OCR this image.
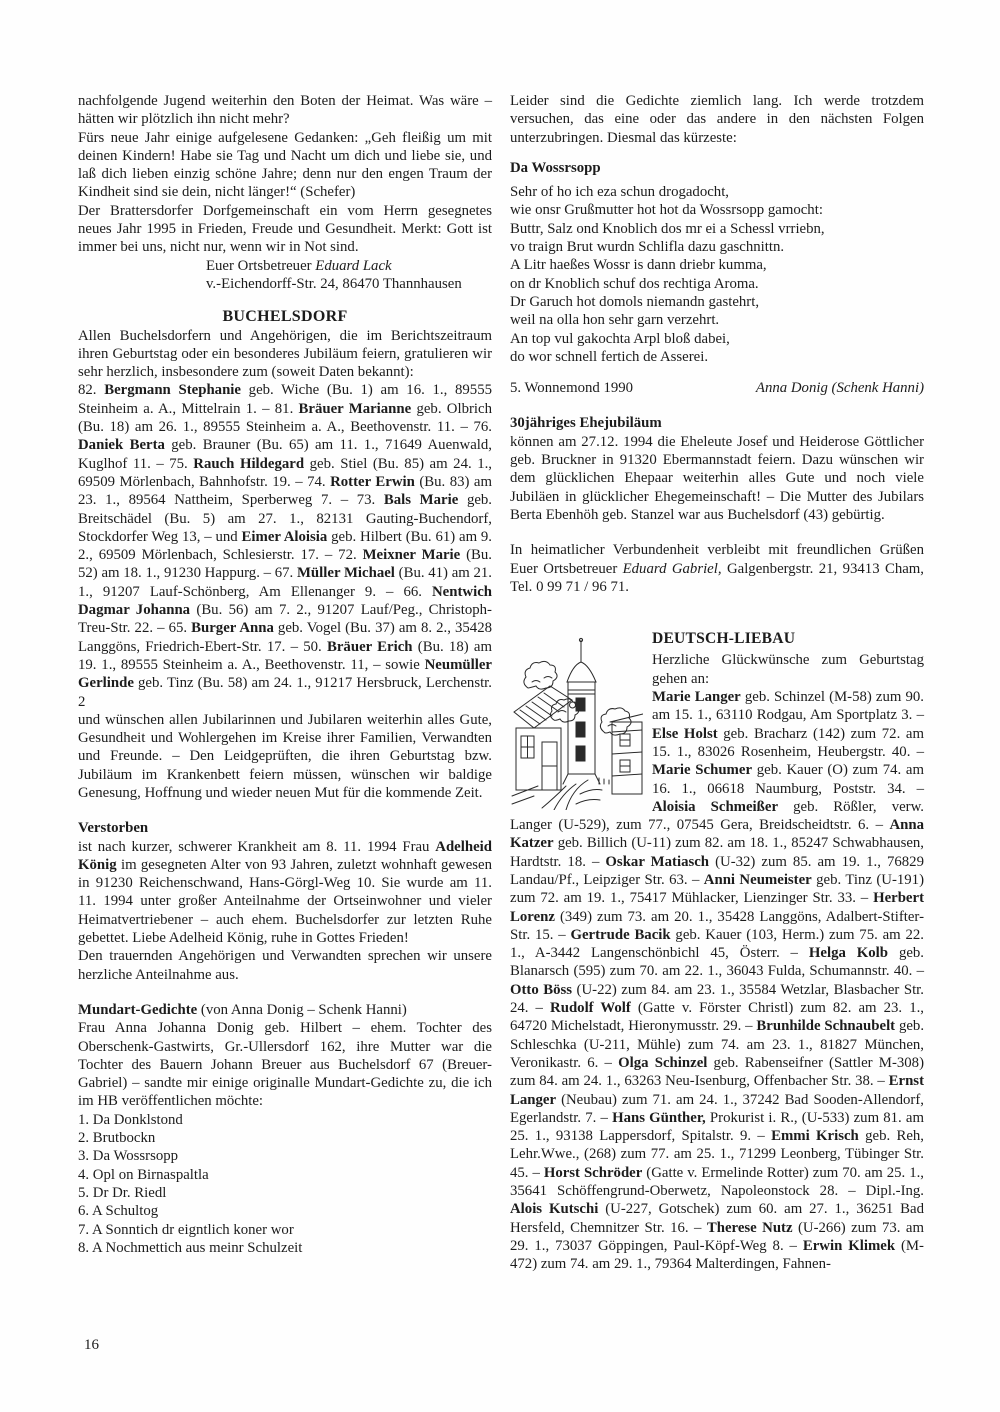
nachfolgende Jugend weiterhin den Boten der Heimat. Was wäre – hätten wir plötzlich ihn nicht mehr?

Fürs neue Jahr einige aufgelesene Gedanken: „Geh fleißig um mit deinen Kindern! Habe sie Tag und Nacht um dich und liebe sie, und laß dich lieben einzig schöne Jahre; denn nur den engen Traum der Kindheit sind sie dein, nicht länger!“ (Schefer)

Der Brattersdorfer Dorfgemeinschaft ein vom Herrn gesegnetes neues Jahr 1995 in Frieden, Freude und Gesundheit. Merkt: Gott ist immer bei uns, nicht nur, wenn wir in Not sind.

Euer Ortsbetreuer Eduard Lack

v.-Eichendorff-Str. 24, 86470 Thannhausen

BUCHELSDORF

Allen Buchelsdorfern und Angehörigen, die im Berichtszeitraum ihren Geburtstag oder ein besonderes Jubiläum feiern, gratulieren wir sehr herzlich, insbesondere zum (soweit Daten bekannt):

82. Bergmann Stephanie geb. Wiche (Bu. 1) am 16. 1., 89555 Steinheim a. A., Mittelrain 1. – 81. Bräuer Marianne geb. Olbrich (Bu. 18) am 26. 1., 89555 Steinheim a. A., Beethovenstr. 11. – 76. Daniek Berta geb. Brauner (Bu. 65) am 11. 1., 71649 Auenwald, Kuglhof 11. – 75. Rauch Hildegard geb. Stiel (Bu. 85) am 24. 1., 69509 Mörlenbach, Bahnhofstr. 19. – 74. Rotter Erwin (Bu. 83) am 23. 1., 89564 Nattheim, Sperberweg 7. – 73. Bals Marie geb. Breitschädel (Bu. 5) am 27. 1., 82131 Gauting-Buchendorf, Stockdorfer Weg 13, – und Eimer Aloisia geb. Hilbert (Bu. 61) am 9. 2., 69509 Mörlenbach, Schlesierstr. 17. – 72. Meixner Marie (Bu. 52) am 18. 1., 91230 Happurg. – 67. Müller Michael (Bu. 41) am 21. 1., 91207 Lauf-Schönberg, Am Ellenanger 9. – 66. Nentwich Dagmar Johanna (Bu. 56) am 7. 2., 91207 Lauf/Peg., Christoph-Treu-Str. 22. – 65. Burger Anna geb. Vogel (Bu. 37) am 8. 2., 35428 Langgöns, Friedrich-Ebert-Str. 17. – 50. Bräuer Erich (Bu. 18) am 19. 1., 89555 Steinheim a. A., Beethovenstr. 11, – sowie Neumüller Gerlinde geb. Tinz (Bu. 58) am 24. 1., 91217 Hersbruck, Lerchenstr. 2

und wünschen allen Jubilarinnen und Jubilaren weiterhin alles Gute, Gesundheit und Wohlergehen im Kreise ihrer Familien, Verwandten und Freunde. – Den Leidgeprüften, die ihren Geburtstag bzw. Jubiläum im Krankenbett feiern müssen, wünschen wir baldige Genesung, Hoffnung und wieder neuen Mut für die kommende Zeit.

Verstorben

ist nach kurzer, schwerer Krankheit am 8. 11. 1994 Frau Adelheid König im gesegneten Alter von 93 Jahren, zuletzt wohnhaft gewesen in 91230 Reichenschwand, Hans-Görgl-Weg 10. Sie wurde am 11. 11. 1994 unter großer Anteilnahme der Ortseinwohner und vieler Heimatvertriebener – auch ehem. Buchelsdorfer zur letzten Ruhe gebettet. Liebe Adelheid König, ruhe in Gottes Frieden!

Den trauernden Angehörigen und Verwandten sprechen wir unsere herzliche Anteilnahme aus.

Mundart-Gedichte (von Anna Donig – Schenk Hanni)

Frau Anna Johanna Donig geb. Hilbert – ehem. Tochter des Oberschenk-Gastwirts, Gr.-Ullersdorf 162, ihre Mutter war die Tochter des Bauern Johann Breuer aus Buchelsdorf 67 (Breuer-Gabriel) – sandte mir einige originalle Mundart-Gedichte zu, die ich im HB veröffentlichen möchte:

1. Da Donklstond
2. Brutbockn
3. Da Wossrsopp
4. Opl on Birnaspaltla
5. Dr Dr. Riedl
6. A Schultog
7. A Sonntich dr eigntlich koner wor
8. A Nochmettich aus meinr Schulzeit

Leider sind die Gedichte ziemlich lang. Ich werde trotzdem versuchen, das eine oder das andere in den nächsten Folgen unterzubringen. Diesmal das kürzeste:

Da Wossrsopp

Sehr of ho ich eza schun drogadocht,
wie onsr Grußmutter hot hot da Wossrsopp gamocht:
Buttr, Salz ond Knoblich dos mr ei a Schessl vrriebn,
vo traign Brut wurdn Schlifla dazu gaschnittn.
A Litr haeßes Wossr is dann driebr kumma,
on dr Knoblich schuf dos rechtiga Aroma.
Dr Garuch hot domols niemandn gastehrt,
weil na olla hon sehr garn verzehrt.
An top vul gakochta Arpl bloß dabei,
do wor schnell fertich de Asserei.
5. Wonnemond 1990	Anna Donig (Schenk Hanni)

30jähriges Ehejubiläum

können am 27.12. 1994 die Eheleute Josef und Heiderose Göttlicher geb. Bruckner in 91320 Ebermannstadt feiern. Dazu wünschen wir dem glücklichen Ehepaar weiterhin alles Gute und noch viele Jubiläen in glücklicher Ehegemeinschaft! – Die Mutter des Jubilars Berta Ebenhöh geb. Stanzel war aus Buchelsdorf (43) gebürtig.

In heimatlicher Verbundenheit verbleibt mit freundlichen Grüßen Euer Ortsbetreuer Eduard Gabriel, Galgenbergstr. 21, 93413 Cham, Tel. 0 99 71 / 96 71.

DEUTSCH-LIEBAU

Herzliche Glückwünsche zum Geburtstag gehen an:

Marie Langer geb. Schinzel (M-58) zum 90. am 15. 1., 63110 Rodgau, Am Sportplatz 3. – Else Holst geb. Bracharz (142) zum 72. am 15. 1., 83026 Rosenheim, Heubergstr. 40. – Marie Schumer geb. Kauer (O) zum 74. am 16. 1., 06618 Naumburg, Poststr. 34. – Aloisia Schmeißer geb. Rößler, verw. Langer (U-529), zum 77., 07545 Gera, Breidscheidtstr. 6. – Anna Katzer geb. Billich (U-11) zum 82. am 18. 1., 85247 Schwabhausen, Hardtstr. 18. – Oskar Matiasch (U-32) zum 85. am 19. 1., 76829 Landau/Pf., Leipziger Str. 63. – Anni Neumeister geb. Tinz (U-191) zum 72. am 19. 1., 75417 Mühlacker, Lienzinger Str. 33. – Herbert Lorenz (349) zum 73. am 20. 1., 35428 Langgöns, Adalbert-Stifter-Str. 15. – Gertrude Bacik geb. Kauer (103, Herm.) zum 75. am 22. 1., A-3442 Langenschönbichl 45, Österr. – Helga Kolb geb. Blanarsch (595) zum 70. am 22. 1., 36043 Fulda, Schumannstr. 40. – Otto Böss (U-22) zum 84. am 23. 1., 35584 Wetzlar, Blasbacher Str. 24. – Rudolf Wolf (Gatte v. Förster Christl) zum 82. am 23. 1., 64720 Michelstadt, Hieronymusstr. 29. – Brunhilde Schnaubelt geb. Schleschka (U-211, Mühle) zum 74. am 23. 1., 81827 München, Veronikastr. 6. – Olga Schinzel geb. Rabenseifner (Sattler M-308) zum 84. am 24. 1., 63263 Neu-Isenburg, Offenbacher Str. 38. – Ernst Langer (Neubau) zum 71. am 24. 1., 37242 Bad Sooden-Allendorf, Egerlandstr. 7. – Hans Günther, Prokurist i. R., (U-533) zum 81. am 25. 1., 93138 Lappersdorf, Spitalstr. 9. – Emmi Krisch geb. Reh, Lehr.Wwe., (268) zum 77. am 25. 1., 71299 Leonberg, Tübinger Str. 45. – Horst Schröder (Gatte v. Ermelinde Rotter) zum 70. am 25. 1., 35641 Schöffengrund-Oberwetz, Napoleonstock 28. – Dipl.-Ing. Alois Kutschi (U-227, Gotschek) zum 60. am 27. 1., 36251 Bad Hersfeld, Chemnitzer Str. 16. – Therese Nutz (U-266) zum 73. am 29. 1., 73037 Göppingen, Paul-Köpf-Weg 8. – Erwin Klimek (M-472) zum 74. am 29. 1., 79364 Malterdingen, Fahnen-

16
